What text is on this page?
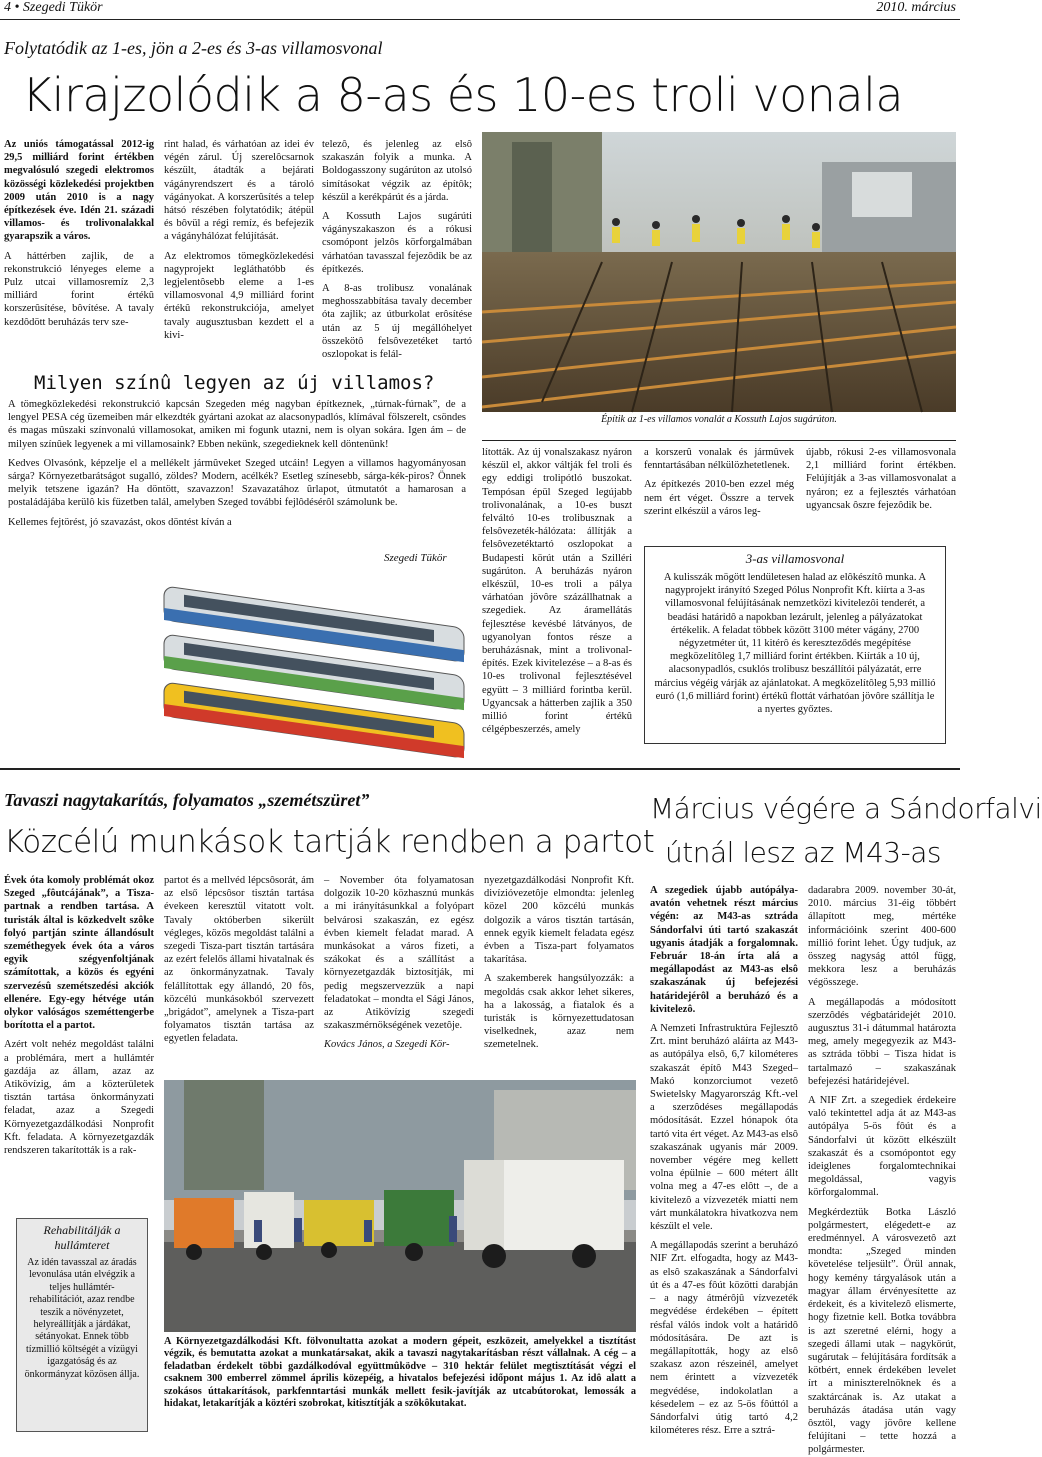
4 • Szegedi Tükör	2010. március
Folytatódik az 1-es, jön a 2-es és 3-as villamosvonal
Kirajzolódik a 8-as és 10-es troli vonala

Az uniós támogatással 2012-ig 29,5 milliárd forint értékben megvalósuló szegedi elektromos közösségi közlekedési projektben 2009 után 2010 is a nagy építkezések éve. Idén 21. századi villamos- és trolivonalakkal gyarapszik a város.

A háttérben zajlik, de a rekonstrukció lényeges eleme a Pulz utcai villamosremíz 2,3 milliárd forint értékû korszerûsítése, bôvítése. A tavaly kezdôdött beruházás terv sze-

rint halad, és várhatóan az idei év végén zárul. Új szerelôcsarnok készült, átadták a bejárati vágányrendszert és a tároló vágányokat. A korszerûsítés a telep hátsó részében folytatódik; átépül és bôvül a régi remíz, és befejezik a vágányhálózat felújítását.

Az elektromos tömegközlekedési nagyprojekt legláthatóbb és legjelentôsebb eleme a 1-es villamosvonal 4,9 milliárd forint értékû rekonstrukciója, amelyet tavaly augusztusban kezdett el a kivi-

telezô, és jelenleg az elsô szakaszán folyik a munka. A Boldogasszony sugárúton az utolsó simításokat végzik az építôk; készül a kerékpárút és a járda.

A Kossuth Lajos sugárúti vágányszakaszon és a rókusi csomópont jelzôs körforgalmában várhatóan tavasszal fejezôdik be az építkezés.

A 8-as trolibusz vonalának meghosszabbítása tavaly december óta zajlik; az útburkolat erôsítése után az 5 új megállóhelyet összekötô felsôvezetéket tartó oszlopokat is felál-

Építik az 1-es villamos vonalát a Kossuth Lajos sugárúton.
Milyen színû legyen az új villamos?

A tömegközlekedési rekonstrukció kapcsán Szegeden még nagyban építkeznek, „túrnak-fúrnak”, de a lengyel PESA cég üzemeiben már elkezdték gyártani azokat az alacsonypadlós, klímával fölszerelt, csöndes és magas mûszaki színvonalú villamosokat, amiken mi fogunk utazni, nem is olyan sokára. Igen ám – de milyen színûek legyenek a mi villamosaink? Ebben nekünk, szegedieknek kell döntenünk!

Kedves Olvasónk, képzelje el a mellékelt jármûveket Szeged utcáin! Legyen a villamos hagyományosan sárga? Környezetbarátságot sugalló, zöldes? Modern, acélkék? Esetleg színesebb, sárga-kék-piros? Önnek melyik tetszene igazán? Ha döntött, szavazzon! Szavazatához ûrlapot, útmutatót a hamarosan a postaládájába kerülô kis füzetben talál, amelyben Szeged további fejlôdésérôl számolunk be.

Kellemes fejtörést, jó szavazást, okos döntést kíván a

Szegedi Tükör

lították. Az új vonalszakasz nyáron készül el, akkor váltják fel troli és egy eddigi trolipótló buszokat. Tempósan épül Szeged legújabb trolivonalának, a 10-es buszt felváltó 10-es trolibusznak a felsôvezeték-hálózata: állítják a felsôvezetéktartó oszlopokat a Budapesti körút után a Szilléri sugárúton. A beruházás nyáron elkészül, 10-es troli a pálya várhatóan jövôre százállhatnak a szegediek. Az áramellátás fejlesztése kevésbé látványos, de ugyanolyan fontos része a beruházásnak, mint a trolivonal-építés. Ezek kivitelezése – a 8-as és 10-es trolivonal fejlesztésével együtt – 3 milliárd forintba kerül. Ugyancsak a hátterben zajlik a 350 millió forint értékû célgépbeszerzés, amely

a korszerû vonalak és jármûvek fenntartásában nélkülözhetetlenek.

Az építkezés 2010-ben ezzel még nem ért véget. Összre a tervek szerint elkészül a város leg-

újabb, rókusi 2-es villamosvonala 2,1 milliárd forint értékben. Felújítják a 3-as villamosvonalat a nyáron; ez a fejlesztés várhatóan ugyancsak ôszre fejezôdik be.

3-as villamosvonal
A kulisszák mögött lendületesen halad az elôkészítô munka. A nagyprojekt irányító Szeged Pólus Nonprofit Kft. kiírta a 3-as villamosvonal felújításának nemzetközi kivitelezôi tenderét, a beadási határidô a napokban lezárult, jelenleg a pályázatokat értékelik. A feladat többek között 3100 méter vágány, 2700 négyzetméter út, 11 kitérô és kereszteződés megépítése megközelítôleg 1,7 milliárd forint értékben. Kiírták a 10 új, alacsonypadlós, csuklós trolibusz beszállítói pályázatát, erre március végéig várják az ajánlatokat. A megközelítôleg 5,93 millió euró (1,6 milliárd forint) értékû flottát várhatóan jövôre szállítja le a nyertes győztes.
Tavaszi nagytakarítás, folyamatos „szemétszüret”
Közcélú munkások tartják rendben a partot

Évek óta komoly problémát okoz Szeged „fôutcájának”, a Tisza-partnak a rendben tartása. A turisták által is közkedvelt szôke folyó partján szinte állandósult szeméthegyek évek óta a város egyik szégyenfoltjának számítottak, a közös és egyéni szervezésû szemétszedési akciók ellenére. Egy-egy hétvége után olykor valóságos szeméttengerbe borította el a partot.

Azért volt nehéz megoldást találni a problémára, mert a hullámtér gazdája az állam, azaz az Atikövízig, ám a közterületek tisztán tartása önkormányzati feladat, azaz a Szegedi Környezetgazdálkodási Nonprofit Kft. feladata. A környezetgazdák rendszeren takarították is a rak-

partot és a mellvéd lépcsôsorát, ám az első lépcsôsor tisztán tartása évekeen keresztül vitatott volt. Tavaly októberben sikerült végleges, közös megoldást találni a szegedi Tisza-part tisztán tartására az ezért felelős állami hivatalnak és az önkormányzatnak. Tavaly felállítottak egy állandó, 20 fôs, közcélú munkásokból szervezett „brigádot”, amelynek a Tisza-part folyamatos tisztán tartása az egyetlen feladata.

– November óta folyamatosan dolgozik 10-20 közhasznú munkás a mi irányításunkkal a folyópart belvárosi szakaszán, ez egész évben kiemelt feladat marad. A munkásokat a város fizeti, a szákokat és a szállítást a környezetgazdák biztosítják, mi pedig megszervezzük a napi feladatokat – mondta el Sági János, az Atikövízig szegedi szakaszmérnökségének vezetôje.

Kovács János, a Szegedi Kör-

nyezetgazdálkodási Nonprofit Kft. divízióvezetôje elmondta: jelenleg közel 200 közcélú munkás dolgozik a város tisztán tartásán, ennek egyik kiemelt feladata egész évben a Tisza-part folyamatos takarítása.

A szakemberek hangsúlyozzák: a megoldás csak akkor lehet sikeres, ha a lakosság, a fiatalok és a turisták is környezettudatosan viselkednek, azaz nem szemetelnek.

Rehabilitálják a hullámteret
Az idén tavasszal az áradás levonulása után elvégzik a teljes hullámtér-rehabilitációt, azaz rendbe teszik a növényzetet, helyreállítják a járdákat, sétányokat. Ennek több tízmillió költségét a vízügyi igazgatóság és az önkormányzat közösen állja.
A Környezetgazdálkodási Kft. fölvonultatta azokat a modern gépeit, eszközeit, amelyekkel a tisztítást végzik, és bemutatta azokat a munkatársakat, akik a tavaszi nagytakarításban részt vállalnak. A cég – a feladatban érdekelt többi gazdálkodóval együttmûködve – 310 hektár felület megtisztítását végzi el csaknem 300 emberrel zömmel április közepéig, a hivatalos befejezési időpont május 1. Az idô alatt a szokásos úttakarítások, parkfenntartási munkák mellett fesik-javítják az utcabútorokat, lemossák a hidakat, letakarítják a köztéri szobrokat, kitisztítják a szökôkutakat.
Március végére a Sándorfalvi
útnál lesz az M43-as

A szegediek újabb autópálya-avatón vehetnek részt március végén: az M43-as sztráda Sándorfalvi úti tartó szakaszát ugyanis átadják a forgalomnak. Február 18-án írta alá a megállapodást az M43-as elsô szakaszának új befejezési határidejérôl a beruházó és a kivitelezô.

A Nemzeti Infrastruktúra Fejlesztô Zrt. mint beruházó aláírta az M43-as autópálya elsô, 6,7 kilométeres szakaszát építô M43 Szeged–Makó konzorciumot vezetô Swietelsky Magyarország Kft.-vel a szerzôdéses megállapodás módosítását. Ezzel hónapok óta tartó vita ért véget. Az M43-as elsô szakaszának ugyanis már 2009. november végére meg kellett volna épülnie – 600 métert állt volna meg a 47-es elôtt –, de a kivitelezô a vízvezeték miatti nem várt munkálatokra hivatkozva nem készült el vele.

A megállapodás szerint a beruházó NIF Zrt. elfogadta, hogy az M43-as elsô szakaszának a Sándorfalvi út és a 47-es fôút közötti darabján – a nagy átmérôjû vízvezeték megvédése érdekében – épített résfal válós indok volt a határidô módosítására. De azt is megállapították, hogy az elsô szakasz azon részeinél, amelyet nem érintett a vízvezeték megvédése, indokolatlan a késedelem – ez az 5-ös fôúttól a Sándorfalvi útig tartó 4,2 kilométeres rész. Erre a sztrá-

dadarabra 2009. november 30-át, 2010. március 31-éig többért állapított meg, mértéke információink szerint 400-600 millió forint lehet. Úgy tudjuk, az összeg nagyság attól függ, mekkora lesz a beruházás végösszege.

A megállapodás a módosított szerzôdés végbatáridejét 2010. augusztus 31-i dátummal határozta meg, amely megegyezik az M43-as sztráda többi – Tisza hidat is tartalmazó – szakaszának befejezési határidejével.

A NIF Zrt. a szegediek érdekeire való tekintettel adja át az M43-as autópálya 5-ös fôút és a Sándorfalvi út között elkészült szakaszát és a csomópontot egy ideiglenes forgalomtechnikai megoldással, vagyis körforgalommal.

Megkérdeztük Botka László polgármestert, elégedett-e az eredménnyel. A városvezetô azt mondta: „Szeged minden követelése teljesült”. Örül annak, hogy kemény tárgyalások után a magyar állam érvényesítette az érdekeit, és a kivitelezô elismerte, hogy fizetnie kell. Botka továbbra is azt szeretné elérni, hogy a szegedi állami utak – nagykörút, sugárutak – felújítására fordítsák a kötbért, ennek érdekében levelet írt a miniszterelnöknek és a szaktárcának is. Az utakat a beruházás átadása után vagy ôsztöl, vagy jövôre kellene felújítani – tette hozzá a polgármester.
